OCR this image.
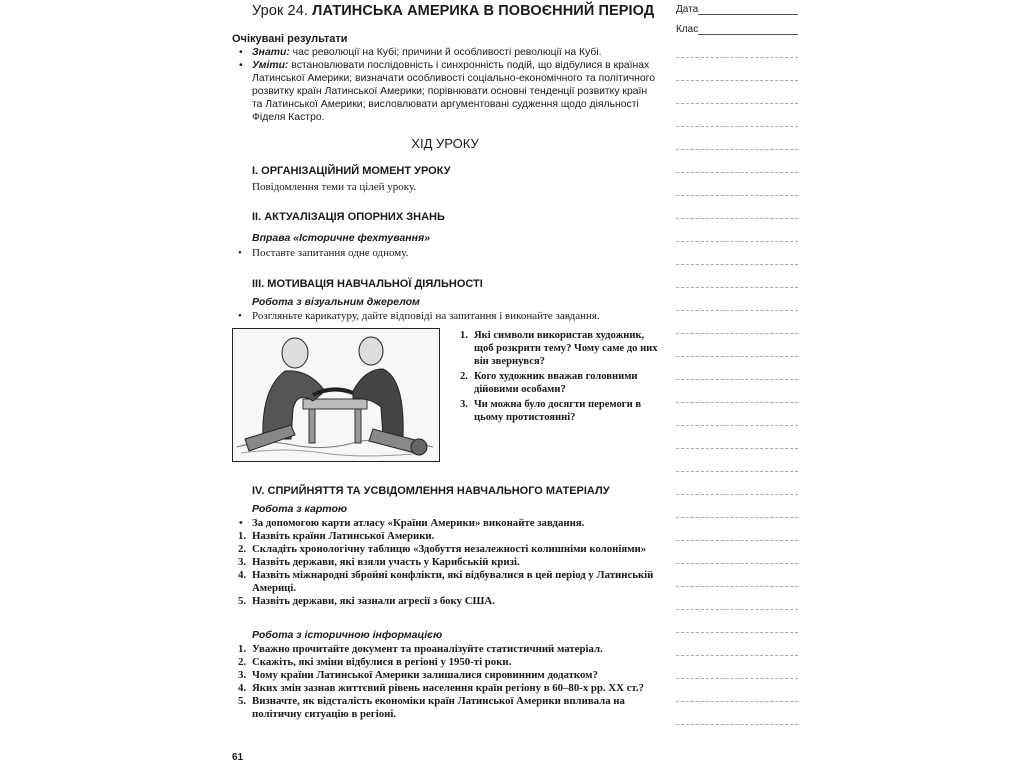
Урок 24. ЛАТИНСЬКА АМЕРИКА В ПОВОЄННИЙ ПЕРІОД Дата
Клас
Очікувані результати

• Знати: час революції на Кубі; причини й особливості революції на Кубі.

• Уміти: встановлювати послідовність і синхронність подій, що відбулися в країнах Латинської Америки; визначати особливості соціально-економічного та політичного розвитку країн Латинської Америки; порівнювати основні тенденції розвитку країн та Латинської Америки; висловлювати аргументовані судження щодо діяльності Фіделя Кастро.

ХІД УРОКУ
I. ОРГАНІЗАЦІЙНИЙ МОМЕНТ УРОКУ
Повідомлення теми та цілей уроку.
II. АКТУАЛІЗАЦІЯ ОПОРНИХ ЗНАНЬ
Вправа «Історичне фехтування»
• Поставте запитання одне одному.
III. МОТИВАЦІЯ НАВЧАЛЬНОЇ ДІЯЛЬНОСТІ
Робота з візуальним джерелом
• Розгляньте карикатуру, дайте відповіді на запитання і виконайте завдання.

1. Які символи використав художник, щоб розкрити тему? Чому саме до них він звернувся?

2. Кого художник вважав головними дійовими особами?

3. Чи можна було досягти перемоги в цьому протистоянні?

IV. СПРИЙНЯТТЯ ТА УСВІДОМЛЕННЯ НАВЧАЛЬНОГО МАТЕРІАЛУ
Робота з картою

• За допомогою карти атласу «Країни Америки» виконайте завдання.

1. Назвіть країни Латинської Америки.

2. Складіть хронологічну таблицю «Здобуття незалежності колишніми колоніями»

3. Назвіть держави, які взяли участь у Карибській кризі.

4. Назвіть міжнародні збройні конфлікти, які відбувалися в цей період у Латинській Америці.

5. Назвіть держави, які зазнали агресії з боку США.

Робота з історичною інформацією

1. Уважно прочитайте документ та проаналізуйте статистичний матеріал.

2. Скажіть, які зміни відбулися в регіоні у 1950-ті роки.

3. Чому країни Латинської Америки залишалися сировинним додатком?

4. Яких змін зазнав життєвий рівень населення країн регіону в 60–80-х рр. XX ст.?

5. Визначте, як відсталість економіки країн Латинської Америки впливала на політичну ситуацію в регіоні.

61
